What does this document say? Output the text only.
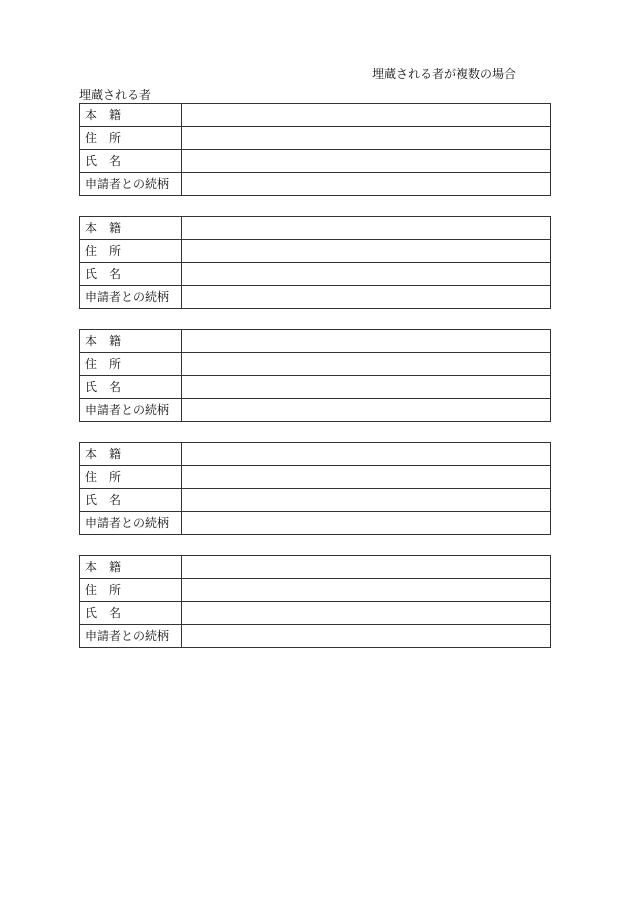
埋蔵される者が複数の場合
埋蔵される者
本　籍	
住　所	
氏　名	
申請者との続柄	
本　籍	
住　所	
氏　名	
申請者との続柄	
本　籍	
住　所	
氏　名	
申請者との続柄	
本　籍	
住　所	
氏　名	
申請者との続柄	
本　籍	
住　所	
氏　名	
申請者との続柄	
